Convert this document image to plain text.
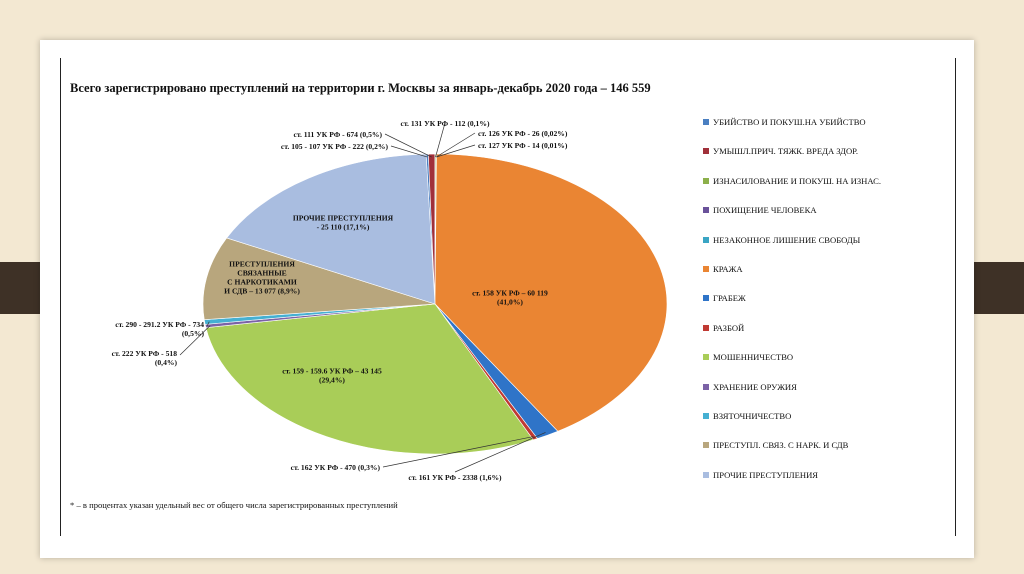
Всего зарегистрировано преступлений на территории г. Москвы за январь-декабрь 2020 года – 146 559
ст. 105 - 107 УК РФ - 222 (0,2%)
ст. 111 УК РФ - 674 (0,5%)
ст. 131 УК РФ - 112 (0,1%)
ст. 126 УК РФ - 26 (0,02%)
ст. 127 УК РФ - 14 (0,01%)
ст. 158 УК РФ – 60 119 (41,0%)
ст. 161 УК РФ - 2338 (1,6%)
ст. 162 УК РФ - 470 (0,3%)
ст. 159 - 159.6 УК РФ – 43 145 (29,4%)
ст. 222 УК РФ - 518 (0,4%)
ст. 290 - 291.2 УК РФ - 734 (0,5%)
ПРЕСТУПЛЕНИЯ СВЯЗАННЫЕ С НАРКОТИКАМИ И СДВ – 13 077 (8,9%)
ПРОЧИЕ ПРЕСТУПЛЕНИЯ - 25 110 (17,1%)
УБИЙСТВО И ПОКУШ.НА УБИЙСТВО
УМЫШЛ.ПРИЧ. ТЯЖК. ВРЕДА ЗДОР.
ИЗНАСИЛОВАНИЕ И ПОКУШ. НА ИЗНАС.
ПОХИЩЕНИЕ ЧЕЛОВЕКА
НЕЗАКОННОЕ ЛИШЕНИЕ СВОБОДЫ
КРАЖА
ГРАБЕЖ
РАЗБОЙ
МОШЕННИЧЕСТВО
ХРАНЕНИЕ ОРУЖИЯ
ВЗЯТОЧНИЧЕСТВО
ПРЕСТУПЛ. СВЯЗ. С НАРК. И СДВ
ПРОЧИЕ ПРЕСТУПЛЕНИЯ
* – в процентах указан удельный вес от общего числа зарегистрированных преступлений
